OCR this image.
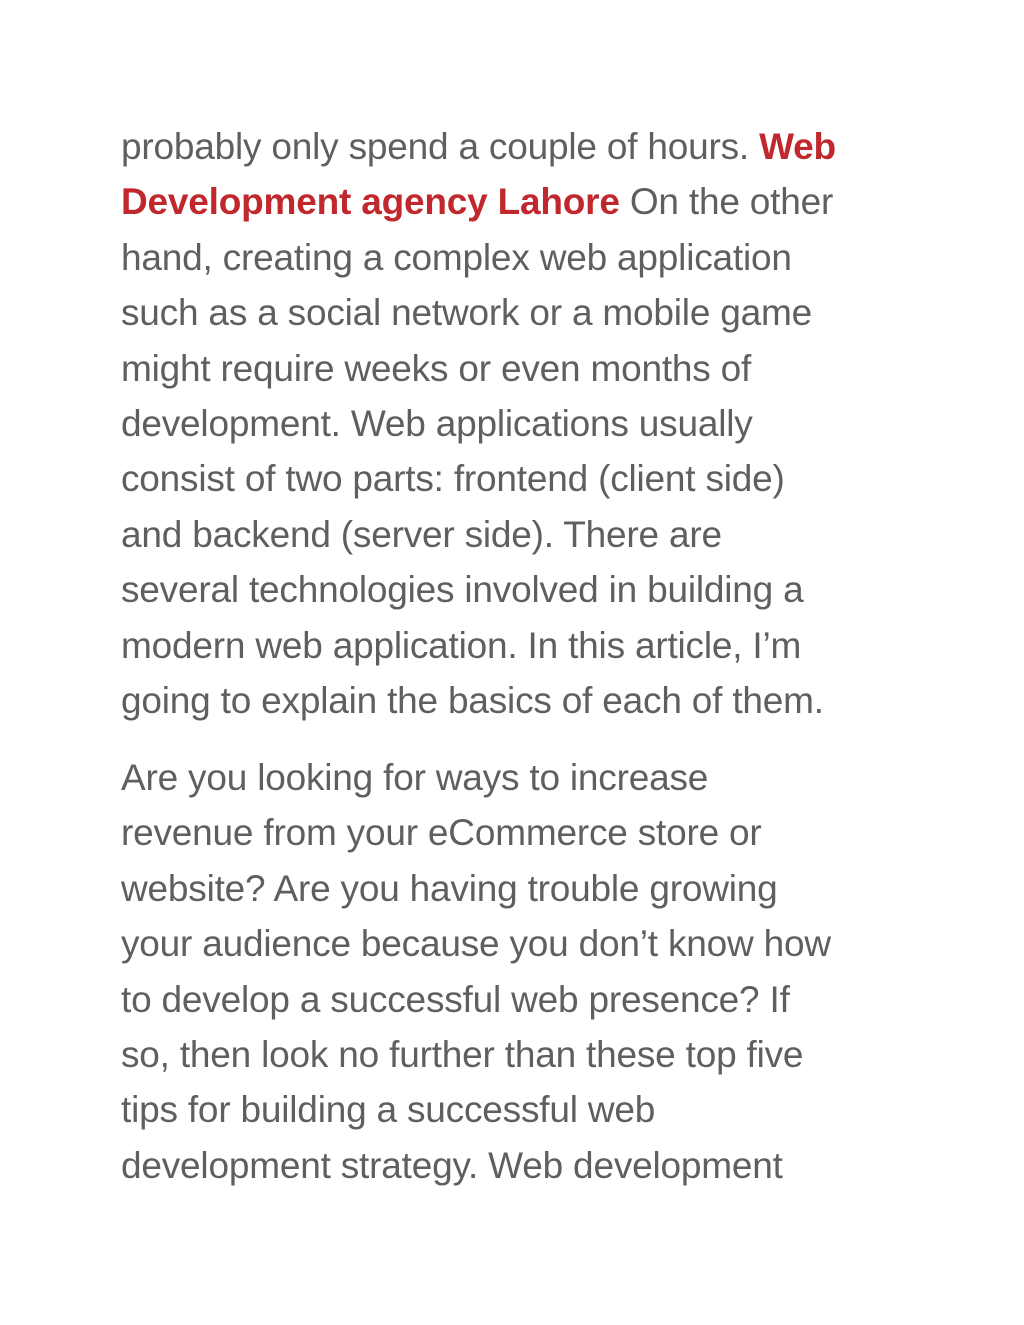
probably only spend a couple of hours. Web
Development agency Lahore On the other
hand, creating a complex web application
such as a social network or a mobile game
might require weeks or even months of
development. Web applications usually
consist of two parts: frontend (client side)
and backend (server side). There are
several technologies involved in building a
modern web application. In this article, I’m
going to explain the basics of each of them.
Are you looking for ways to increase
revenue from your eCommerce store or
website? Are you having trouble growing
your audience because you don’t know how
to develop a successful web presence? If
so, then look no further than these top five
tips for building a successful web
development strategy. Web development
